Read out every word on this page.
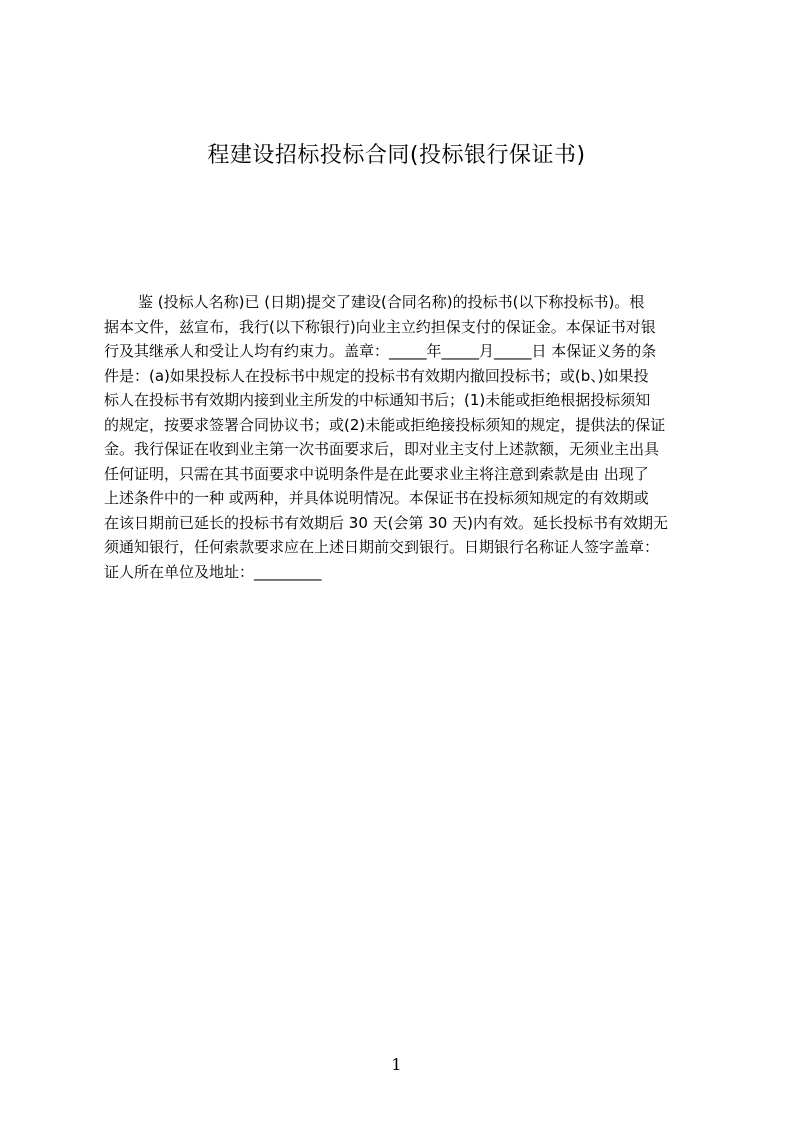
程建设招标投标合同(投标银行保证书)
鉴 (投标人名称)已 (日期)提交了建设(合同名称)的投标书(以下称投标书)。根
据本文件，兹宣布，我行(以下称银行)向业主立约担保支付的保证金。本保证书对银
行及其继承人和受让人均有约束力。盖章：_____年_____月_____日 本保证义务的条
件是：(a)如果投标人在投标书中规定的投标书有效期内撤回投标书；或(b、)如果投
标人在投标书有效期内接到业主所发的中标通知书后；(1)未能或拒绝根据投标须知
的规定，按要求签署合同协议书；或(2)未能或拒绝接投标须知的规定，提供法的保证
金。我行保证在收到业主第一次书面要求后，即对业主支付上述款额，无须业主出具
任何证明，只需在其书面要求中说明条件是在此要求业主将注意到索款是由 出现了
上述条件中的一种 或两种，并具体说明情况。本保证书在投标须知规定的有效期或
在该日期前已延长的投标书有效期后 30 天(会第 30 天)内有效。延长投标书有效期无
须通知银行，任何索款要求应在上述日期前交到银行。日期银行名称证人签字盖章：
证人所在单位及地址：_________
1
